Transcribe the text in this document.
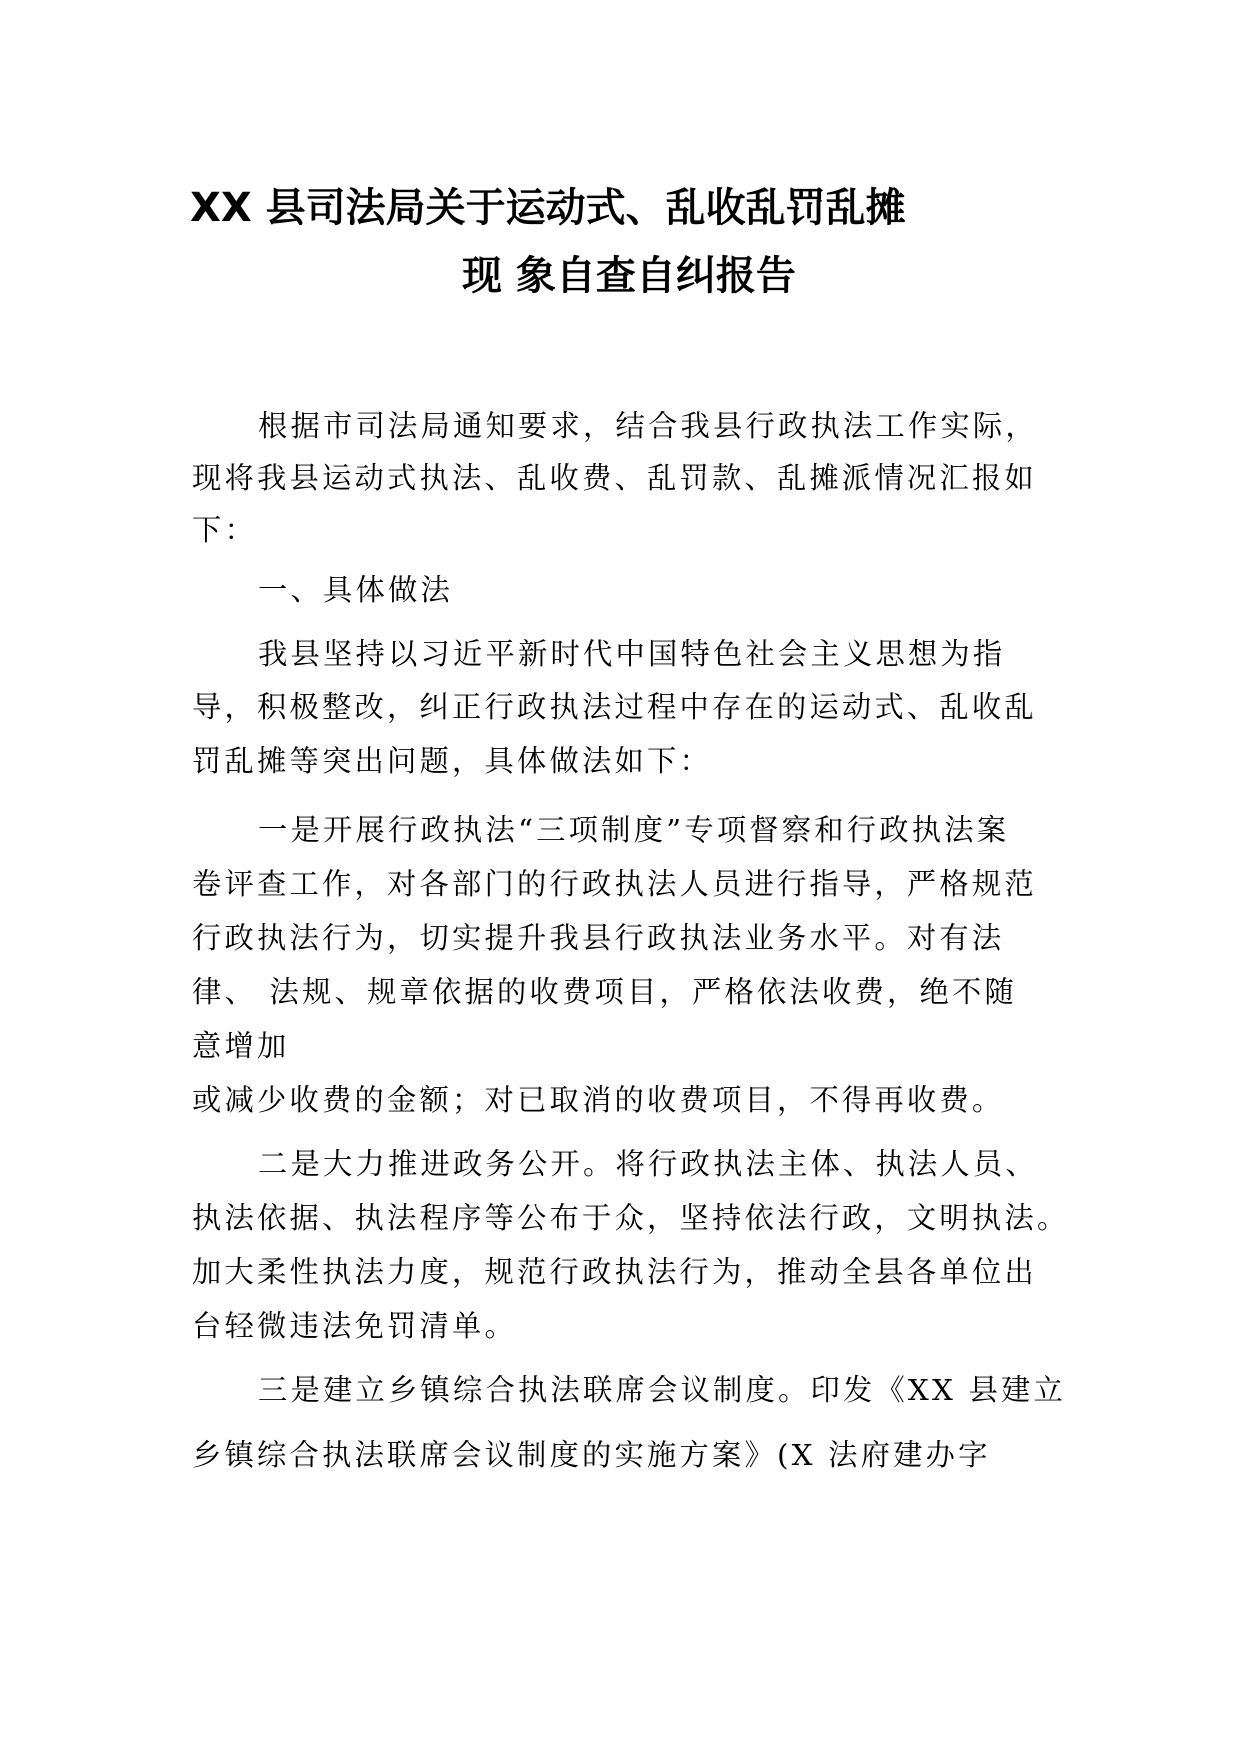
XX 县司法局关于运动式、乱收乱罚乱摊
现 象自查自纠报告
根据市司法局通知要求，结合我县行政执法工作实际，
现将我县运动式执法、乱收费、乱罚款、乱摊派情况汇报如
下：
一、具体做法
我县坚持以习近平新时代中国特色社会主义思想为指
导，积极整改，纠正行政执法过程中存在的运动式、乱收乱
罚乱摊等突出问题，具体做法如下：
一是开展行政执法“三项制度”专项督察和行政执法案
卷评查工作，对各部门的行政执法人员进行指导，严格规范
行政执法行为，切实提升我县行政执法业务水平。对有法
律、 法规、规章依据的收费项目，严格依法收费，绝不随
意增加
或减少收费的金额；对已取消的收费项目，不得再收费。
二是大力推进政务公开。将行政执法主体、执法人员、
执法依据、执法程序等公布于众，坚持依法行政，文明执法。
加大柔性执法力度，规范行政执法行为，推动全县各单位出
台轻微违法免罚清单。
三是建立乡镇综合执法联席会议制度。印发《XX 县建立
乡镇综合执法联席会议制度的实施方案》(X 法府建办字
